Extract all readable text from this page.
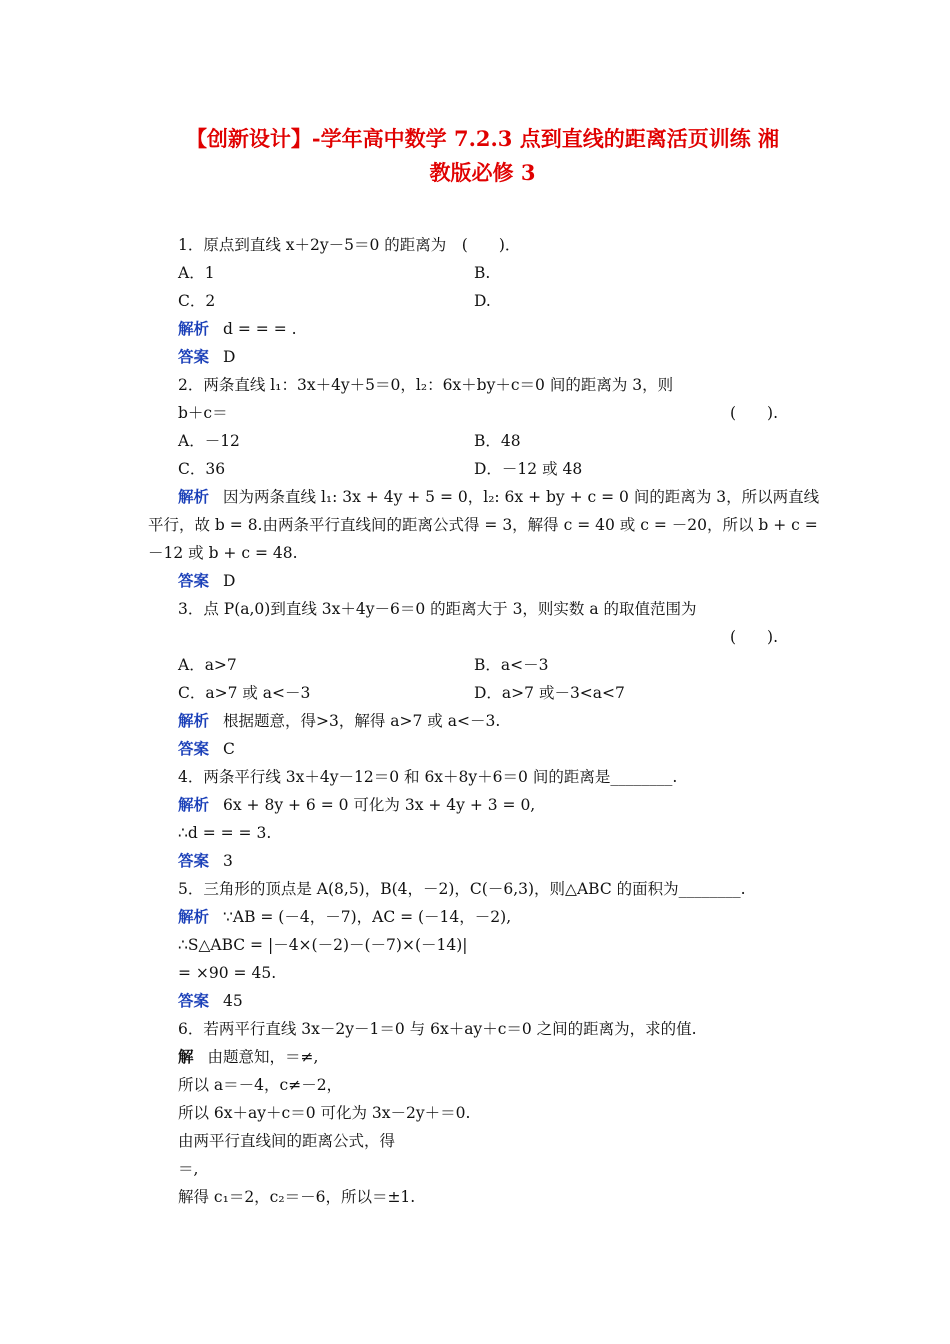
【创新设计】-学年高中数学 7.2.3 点到直线的距离活页训练 湘
教版必修 3
1．原点到直线 x＋2y－5＝0 的距离为　(　　)．
A．1	B.
C．2	D.
解析 d = = = .
答案 D
2．两条直线 l₁：3x＋4y＋5＝0，l₂：6x＋by＋c＝0 间的距离为 3，则
b＋c＝	(　　).
A．－12	B．48
C．36	D．－12 或 48
解析 因为两条直线 l₁: 3x + 4y + 5 = 0，l₂: 6x + by + c = 0 间的距离为 3，所以两直线
平行，故 b = 8.由两条平行直线间的距离公式得 = 3，解得 c = 40 或 c = －20，所以 b + c =
－12 或 b + c = 48.
答案 D
3．点 P(a,0)到直线 3x＋4y－6＝0 的距离大于 3，则实数 a 的取值范围为
(　　).
A．a>7	B．a<－3
C．a>7 或 a<－3	D．a>7 或－3<a<7
解析 根据题意，得>3，解得 a>7 或 a<－3.
答案 C
4．两条平行线 3x＋4y－12＝0 和 6x＋8y＋6＝0 间的距离是________.
解析 6x + 8y + 6 = 0 可化为 3x + 4y + 3 = 0,
∴d = = = 3.
答案 3
5．三角形的顶点是 A(8,5)，B(4，－2)，C(－6,3)，则△ABC 的面积为________.
解析 ∵AB = (－4，－7)，AC = (－14，－2),
∴S△ABC = |－4×(－2)－(－7)×(－14)|
= ×90 = 45.
答案 45
6．若两平行直线 3x－2y－1＝0 与 6x＋ay＋c＝0 之间的距离为，求的值.
解 由题意知，＝≠,
所以 a＝－4，c≠－2，
所以 6x＋ay＋c＝0 可化为 3x－2y＋＝0.
由两平行直线间的距离公式，得
＝,
解得 c₁＝2，c₂＝－6，所以＝±1.
